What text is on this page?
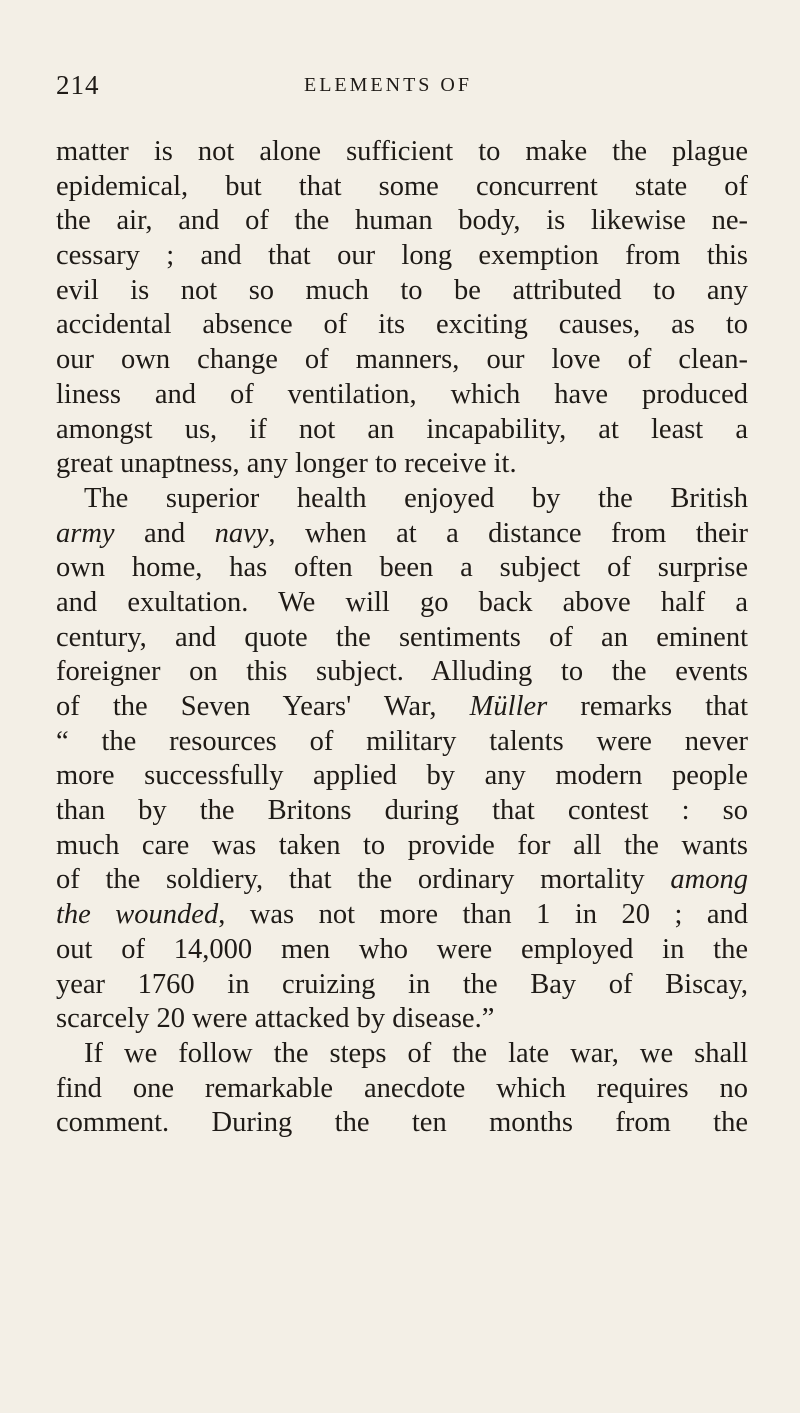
214	ELEMENTS OF
matter is not alone sufficient to make the plague
epidemical, but that some concurrent state of
the air, and of the human body, is likewise ne-
cessary ; and that our long exemption from this
evil is not so much to be attributed to any
accidental absence of its exciting causes, as to
our own change of manners, our love of clean-
liness and of ventilation, which have produced
amongst us, if not an incapability, at least a
great unaptness, any longer to receive it.
The superior health enjoyed by the British
army and navy, when at a distance from their
own home, has often been a subject of surprise
and exultation. We will go back above half a
century, and quote the sentiments of an eminent
foreigner on this subject. Alluding to the events
of the Seven Years' War, Müller remarks that
“ the resources of military talents were never
more successfully applied by any modern people
than by the Britons during that contest : so
much care was taken to provide for all the wants
of the soldiery, that the ordinary mortality among
the wounded, was not more than 1 in 20 ; and
out of 14,000 men who were employed in the
year 1760 in cruizing in the Bay of Biscay,
scarcely 20 were attacked by disease.”
If we follow the steps of the late war, we shall
find one remarkable anecdote which requires no
comment. During the ten months from the
